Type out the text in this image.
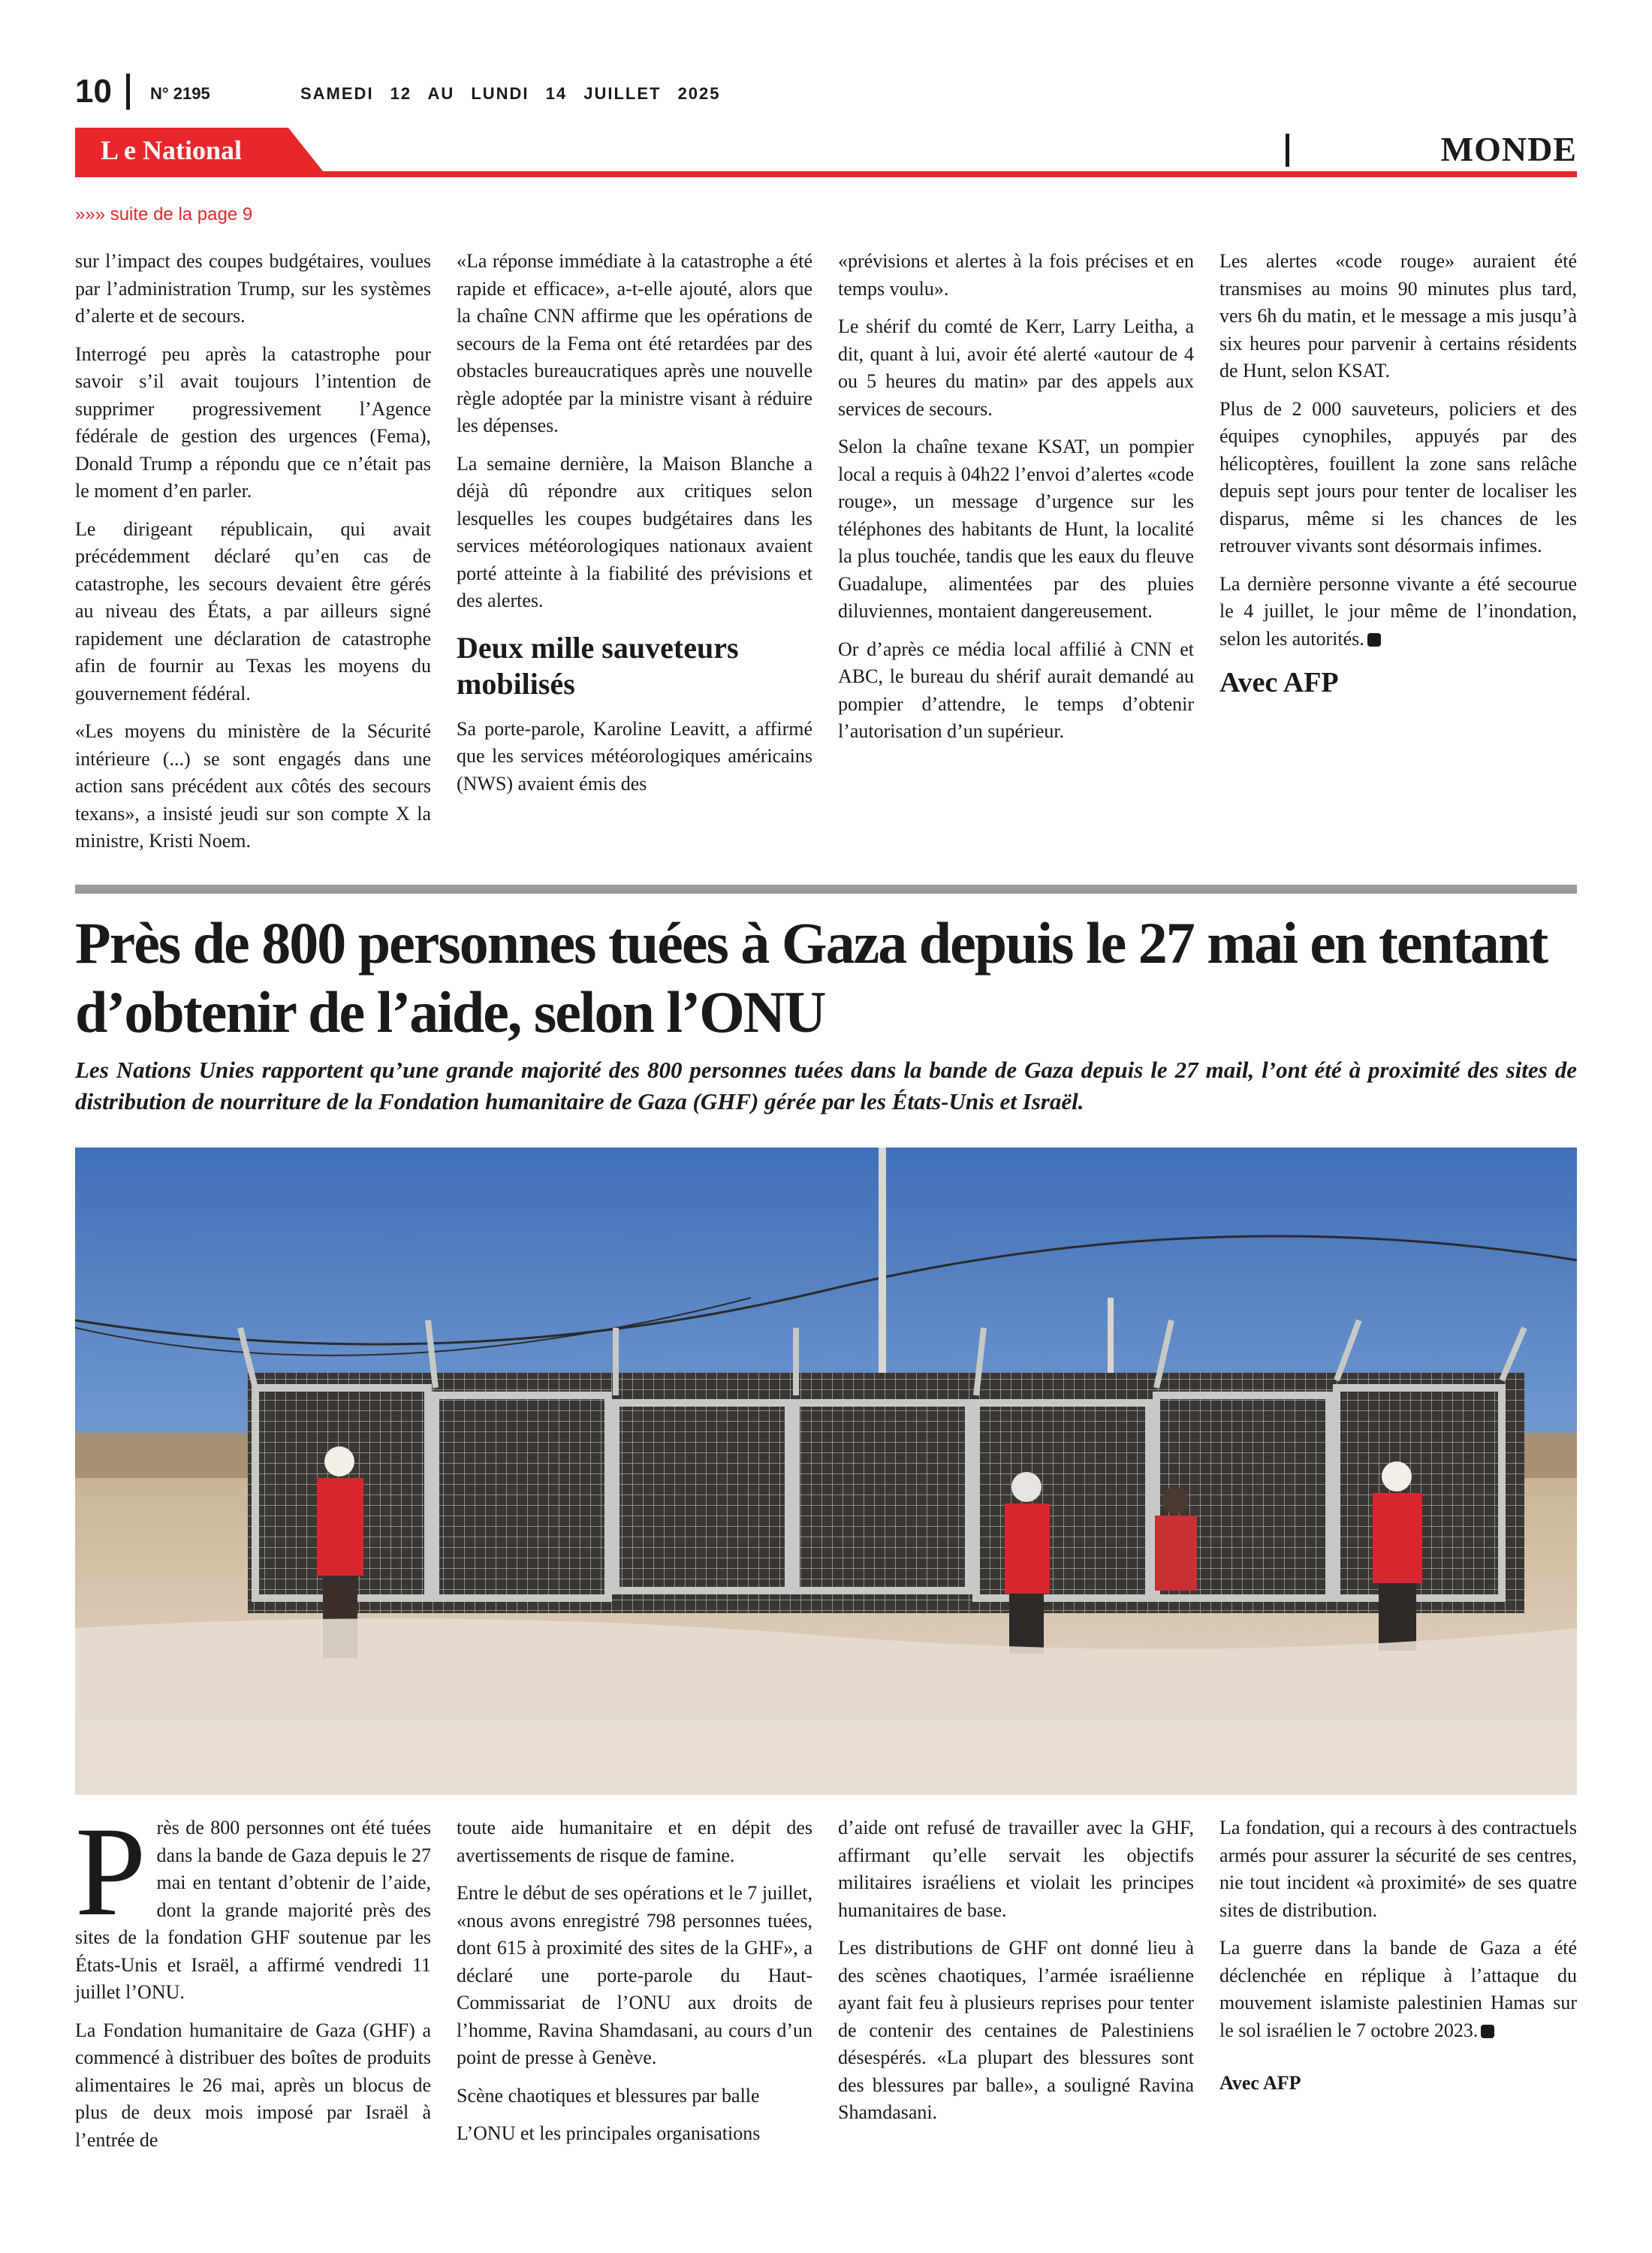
10 N° 2195	SAMEDI 12 AU LUNDI 14 JUILLET 2025
L e National	MONDE
»»» suite de la page 9

sur l’impact des coupes budgétaires, voulues par l’administration Trump, sur les systèmes d’alerte et de secours.

Interrogé peu après la catastrophe pour savoir s’il avait toujours l’intention de supprimer progressivement l’Agence fédérale de gestion des urgences (Fema), Donald Trump a répondu que ce n’était pas le moment d’en parler.

Le dirigeant républicain, qui avait précédemment déclaré qu’en cas de catastrophe, les secours devaient être gérés au niveau des États, a par ailleurs signé rapidement une déclaration de catastrophe afin de fournir au Texas les moyens du gouvernement fédéral.

«Les moyens du ministère de la Sécurité intérieure (...) se sont engagés dans une action sans précédent aux côtés des secours texans», a insisté jeudi sur son compte X la ministre, Kristi Noem.

«La réponse immédiate à la catastrophe a été rapide et efficace», a-t-elle ajouté, alors que la chaîne CNN affirme que les opérations de secours de la Fema ont été retardées par des obstacles bureaucratiques après une nouvelle règle adoptée par la ministre visant à réduire les dépenses.

La semaine dernière, la Maison Blanche a déjà dû répondre aux critiques selon lesquelles les coupes budgétaires dans les services météorologiques nationaux avaient porté atteinte à la fiabilité des prévisions et des alertes.

Deux mille sauveteurs mobilisés

Sa porte-parole, Karoline Leavitt, a affirmé que les services météorologiques américains (NWS) avaient émis des

«prévisions et alertes à la fois précises et en temps voulu».

Le shérif du comté de Kerr, Larry Leitha, a dit, quant à lui, avoir été alerté «autour de 4 ou 5 heures du matin» par des appels aux services de secours.

Selon la chaîne texane KSAT, un pompier local a requis à 04h22 l’envoi d’alertes «code rouge», un message d’urgence sur les téléphones des habitants de Hunt, la localité la plus touchée, tandis que les eaux du fleuve Guadalupe, alimentées par des pluies diluviennes, montaient dangereusement.

Or d’après ce média local affilié à CNN et ABC, le bureau du shérif aurait demandé au pompier d’attendre, le temps d’obtenir l’autorisation d’un supérieur.

Les alertes «code rouge» auraient été transmises au moins 90 minutes plus tard, vers 6h du matin, et le message a mis jusqu’à six heures pour parvenir à certains résidents de Hunt, selon KSAT.

Plus de 2 000 sauveteurs, policiers et des équipes cynophiles, appuyés par des hélicoptères, fouillent la zone sans relâche depuis sept jours pour tenter de localiser les disparus, même si les chances de les retrouver vivants sont désormais infimes.

La dernière personne vivante a été secourue le 4 juillet, le jour même de l’inondation, selon les autorités.

Avec AFP
Près de 800 personnes tuées à Gaza depuis le 27 mai en tentant d’obtenir de l’aide, selon l’ONU
Les Nations Unies rapportent qu’une grande majorité des 800 personnes tuées dans la bande de Gaza depuis le 27 mail, l’ont été à proximité des sites de distribution de nourriture de la Fondation humanitaire de Gaza (GHF) gérée par les États-Unis et Israël.

Près de 800 personnes ont été tuées dans la bande de Gaza depuis le 27 mai en tentant d’obtenir de l’aide, dont la grande majorité près des sites de la fondation GHF soutenue par les États-Unis et Israël, a affirmé vendredi 11 juillet l’ONU.

La Fondation humanitaire de Gaza (GHF) a commencé à distribuer des boîtes de produits alimentaires le 26 mai, après un blocus de plus de deux mois imposé par Israël à l’entrée de

toute aide humanitaire et en dépit des avertissements de risque de famine.

Entre le début de ses opérations et le 7 juillet, «nous avons enregistré 798 personnes tuées, dont 615 à proximité des sites de la GHF», a déclaré une porte-parole du Haut-Commissariat de l’ONU aux droits de l’homme, Ravina Shamdasani, au cours d’un point de presse à Genève.

Scène chaotiques et blessures par balle

L’ONU et les principales organisations

d’aide ont refusé de travailler avec la GHF, affirmant qu’elle servait les objectifs militaires israéliens et violait les principes humanitaires de base.

Les distributions de GHF ont donné lieu à des scènes chaotiques, l’armée israélienne ayant fait feu à plusieurs reprises pour tenter de contenir des centaines de Palestiniens désespérés. «La plupart des blessures sont des blessures par balle», a souligné Ravina Shamdasani.

La fondation, qui a recours à des contractuels armés pour assurer la sécurité de ses centres, nie tout incident «à proximité» de ses quatre sites de distribution.

La guerre dans la bande de Gaza a été déclenchée en réplique à l’attaque du mouvement islamiste palestinien Hamas sur le sol israélien le 7 octobre 2023.

Avec AFP
